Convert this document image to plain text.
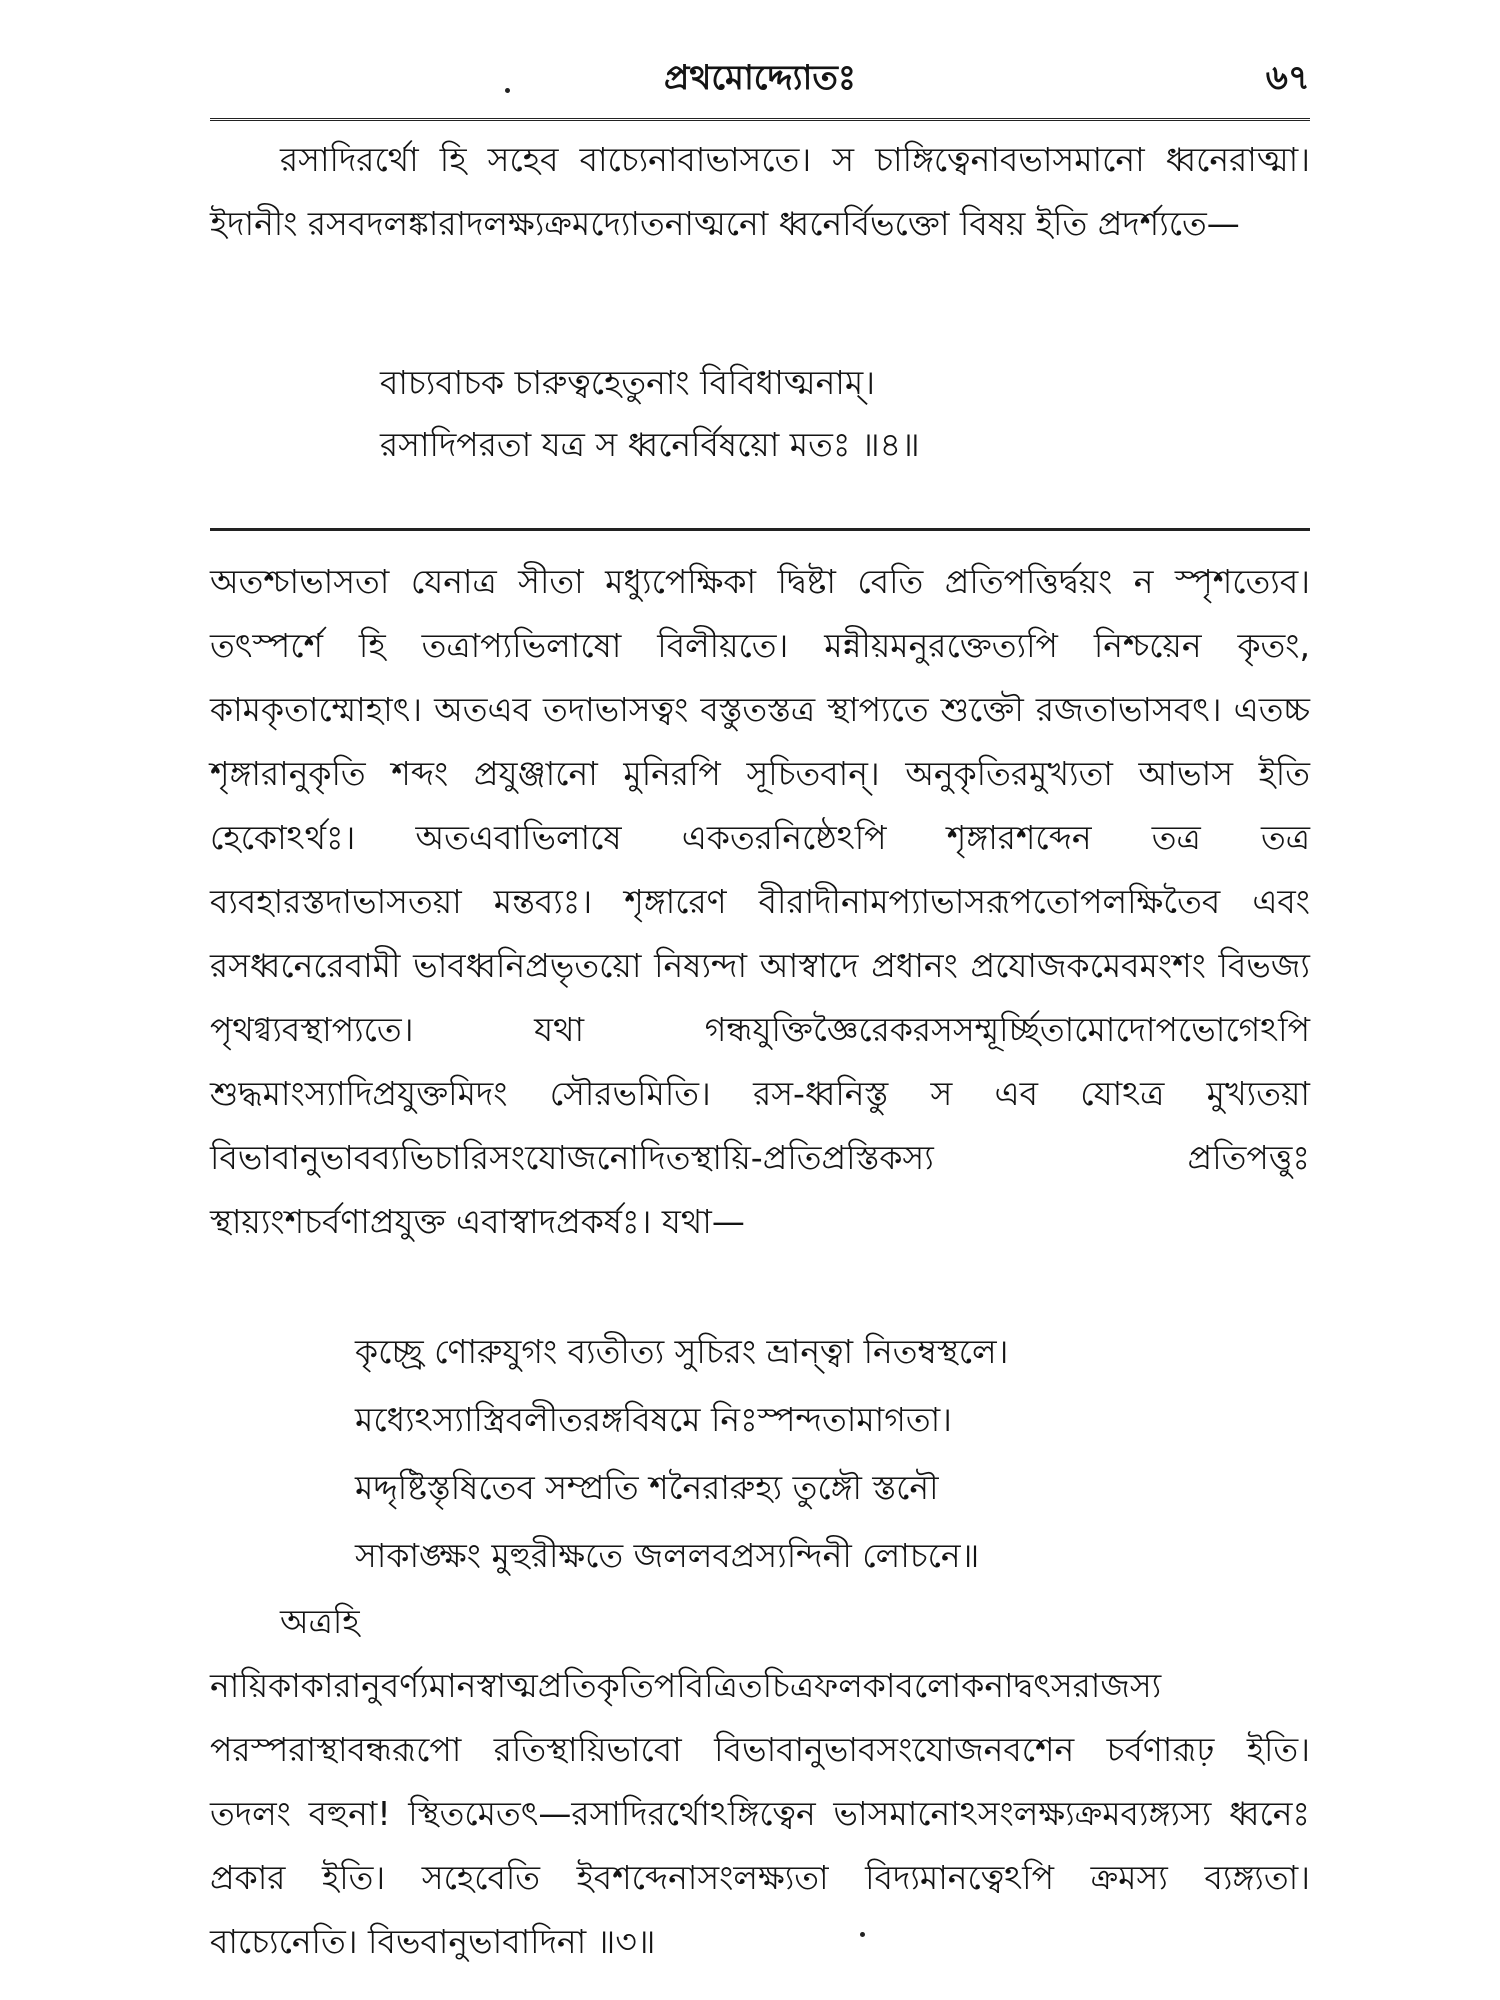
প্রথমোদ্দ্যোতঃ	৬৭

রসাদিরর্থো হি সহেব বাচ্যেনাবাভাসতে। স চাঙ্গিত্বেনাবভাসমানো ধ্বনেরাত্মা। ইদানীং রসবদলঙ্কারাদলক্ষ্যক্রমদ্যোতনাত্মনো ধ্বনের্বিভক্তো বিষয় ইতি প্রদর্শ্যতে—

বাচ্যবাচক চারুত্বহেতুনাং বিবিধাত্মনাম্।

রসাদিপরতা যত্র স ধ্বনের্বিষয়ো মতঃ ॥৪॥

অতশ্চাভাসতা যেনাত্র সীতা মধ্যুপেক্ষিকা দ্বিষ্টা বেতি প্রতিপত্তির্দ্বয়ং ন স্পৃশত্যেব। তৎস্পর্শে হি তত্রাপ্যভিলাষো বিলীয়তে। মন্নীয়মনুরক্তেত্যপি নিশ্চয়েন কৃতং, কামকৃতাম্মোহাৎ। অতএব তদাভাসত্বং বস্তুতস্তত্র স্থাপ্যতে শুক্তৌ রজতাভাসবৎ। এতচ্চ শৃঙ্গারানুকৃতি শব্দং প্রযুঞ্জানো মুনিরপি সূচিতবান্। অনুকৃতিরমুখ্যতা আভাস ইতি হেকোঽর্থঃ। অতএবাভিলাষে একতরনিষ্ঠেঽপি শৃঙ্গারশব্দেন তত্র তত্র ব্যবহারস্তদাভাসতয়া মন্তব্যঃ। শৃঙ্গারেণ বীরাদীনামপ্যাভাসরূপতোপলক্ষিতৈব এবং রসধ্বনেরেবামী ভাবধ্বনিপ্রভৃতয়ো নিষ্যন্দা আস্বাদে প্রধানং প্রযোজকমেবমংশং বিভজ্য পৃথগ্ব্যবস্থাপ্যতে। যথা গন্ধযুক্তিজ্ঞৈরেকরসসম্মূর্চ্ছিতামোদোপভোগেঽপি শুদ্ধমাংস্যাদিপ্রযুক্তমিদং সৌরভমিতি। রস-ধ্বনিস্তু স এব যোঽত্র মুখ্যতয়া বিভাবানুভাবব্যভিচারিসংযোজনোদিতস্থায়ি-প্রতিপ্রস্তিকস্য প্রতিপত্তুঃ স্থায়্যংশচর্বণাপ্রযুক্ত এবাস্বাদপ্রকর্ষঃ। যথা—

কৃচ্ছ্রে ণোরুযুগং ব্যতীত্য সুচিরং ভ্রান্ত্বা নিতম্বস্থলে।

মধ্যেঽস্যাস্ত্রিবলীতরঙ্গবিষমে নিঃস্পন্দতামাগতা।

মদ্দৃষ্টিস্তৃষিতেব সম্প্রতি শনৈরারুহ্য তুঙ্গৌ স্তনৌ

সাকাঙ্ক্ষং মুহুরীক্ষতে জললবপ্রস্যন্দিনী লোচনে॥

অত্রহি নায়িকাকারানুবর্ণ্যমানস্বাত্মপ্রতিকৃতিপবিত্রিতচিত্রফলকাবলোকনাদ্বৎসরাজস্য পরস্পরাস্থাবন্ধরূপো রতিস্থায়িভাবো বিভাবানুভাবসংযোজনবশেন চর্বণারূঢ় ইতি। তদলং বহুনা! স্থিতমেতৎ—রসাদিরর্থোঽঙ্গিত্বেন ভাসমানোঽসংলক্ষ্যক্রমব্যঙ্গ্যস্য ধ্বনেঃ প্রকার ইতি। সহেবেতি ইবশব্দেনাসংলক্ষ্যতা বিদ্যমানত্বেঽপি ক্রমস্য ব্যঙ্গ্যতা। বাচ্যেনেতি। বিভবানুভাবাদিনা ॥৩॥
